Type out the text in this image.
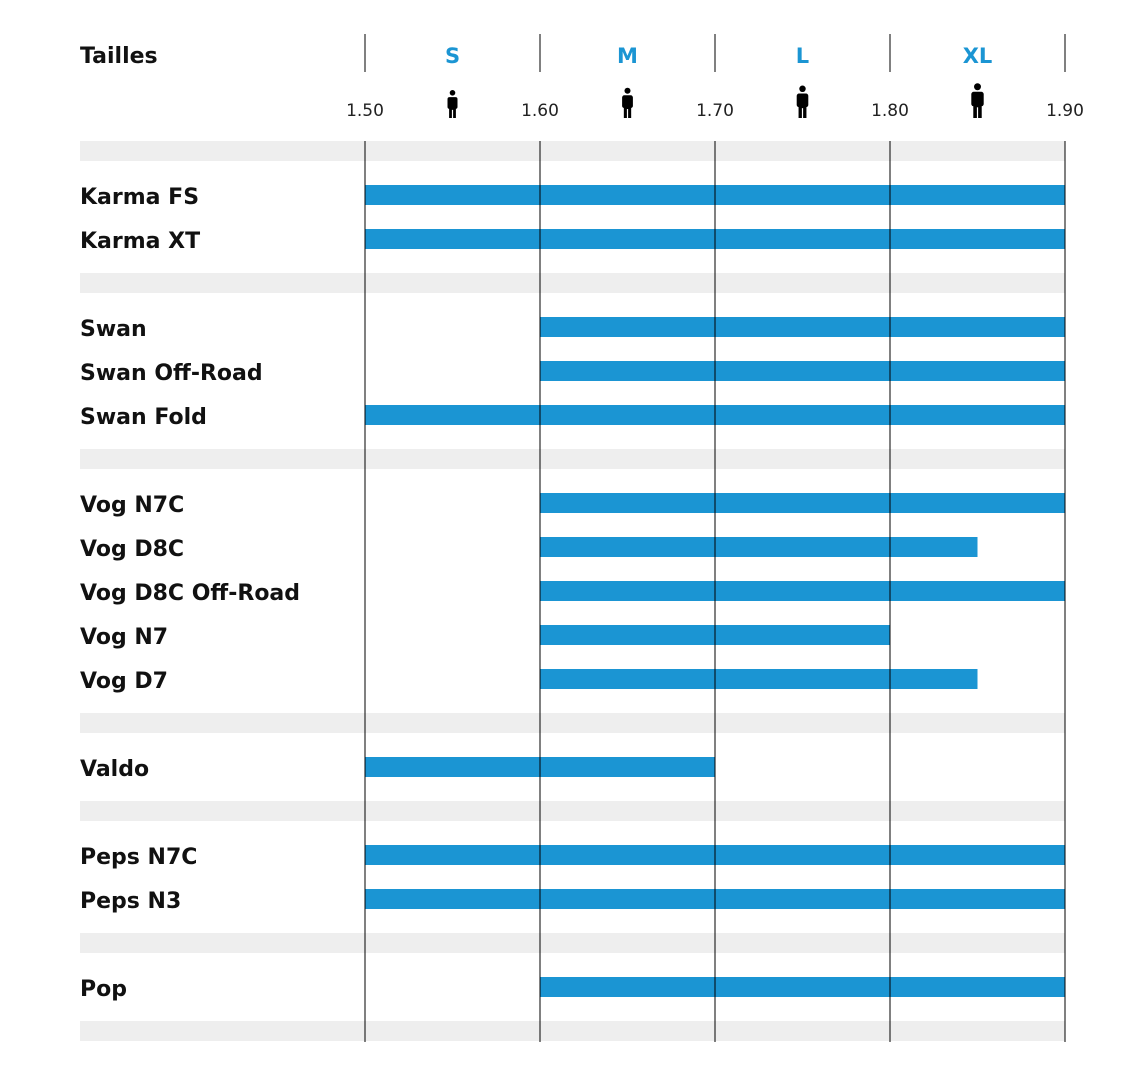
Tailles	S	M	L	XL
1.50	1.60	1.70	1.80	1.90
Karma FS
Karma XT
Swan
Swan Off-Road
Swan Fold
Vog N7C
Vog D8C
Vog D8C Off-Road
Vog N7
Vog D7
Valdo
Peps N7C
Peps N3
Pop
